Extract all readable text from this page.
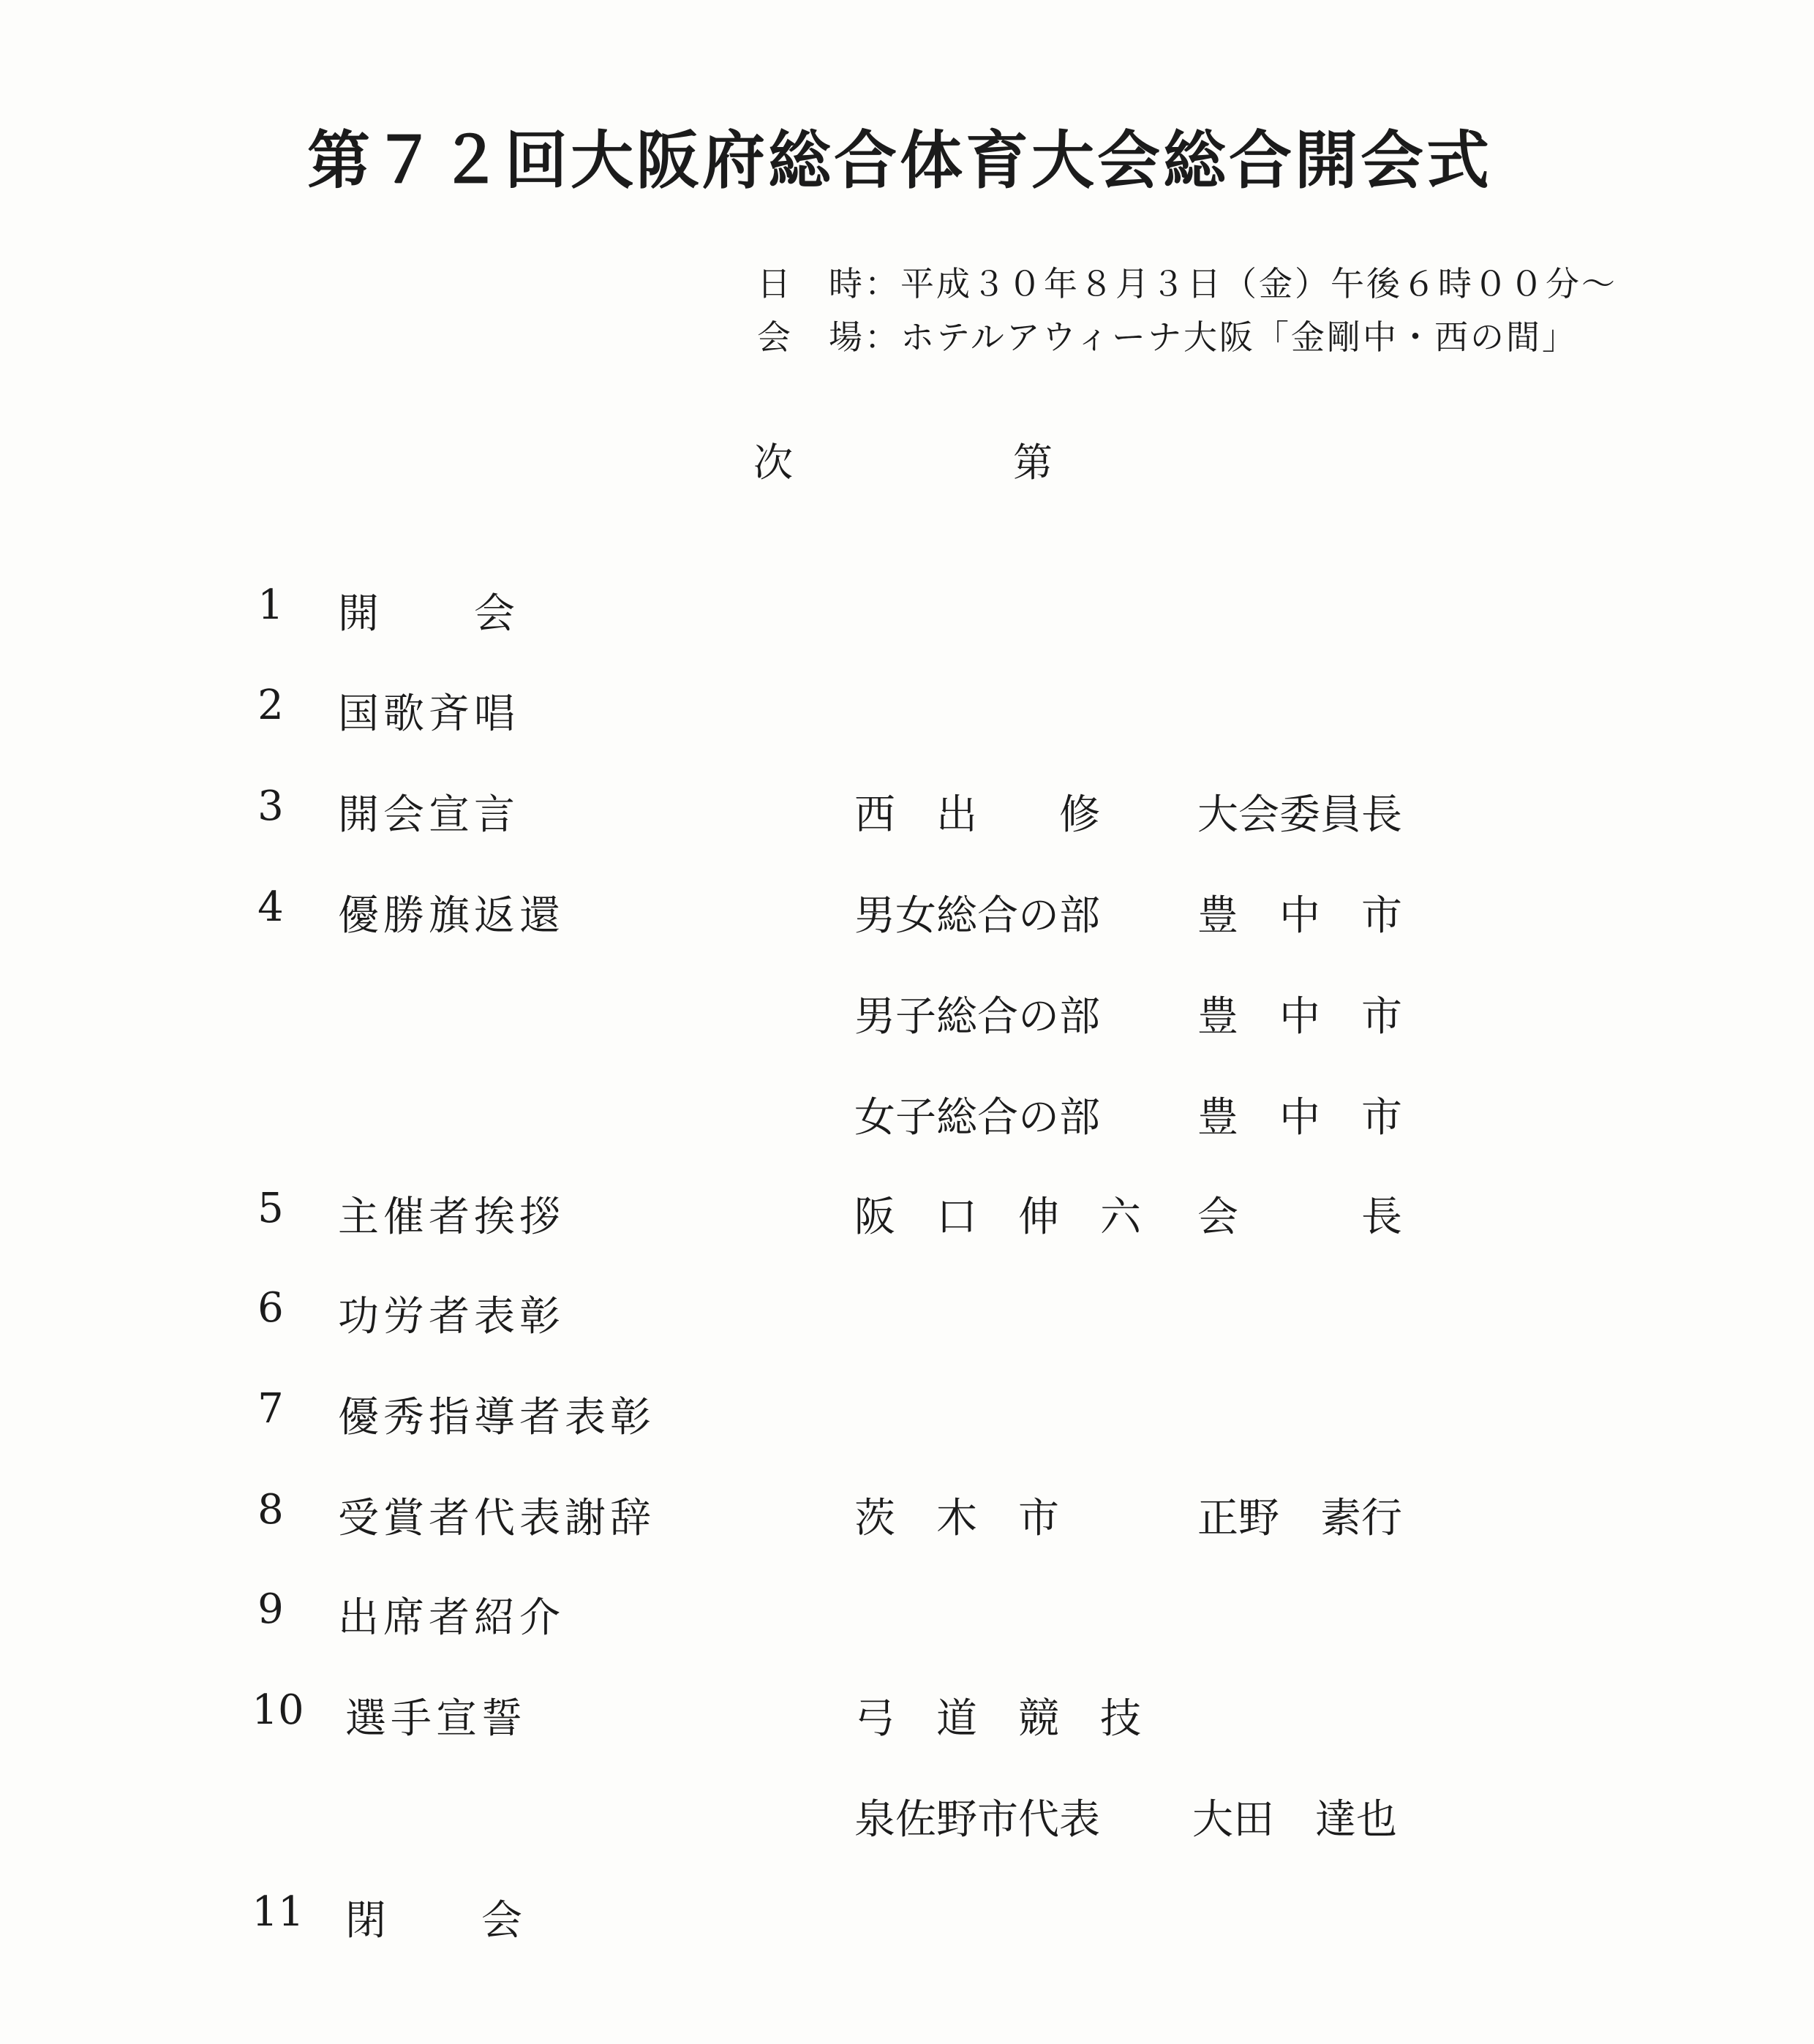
第７２回大阪府総合体育大会総合開会式
日　時：平成３０年８月３日（金）午後６時００分～
会　場：ホテルアウィーナ大阪「金剛中・西の間」
次	第
1	開　　会
2	国歌斉唱
3	開会宣言	西　出　　修 大会委員長
4	優勝旗返還	男女総合の部 豊　中　市
男子総合の部 豊　中　市
女子総合の部 豊　中　市
5	主催者挨拶	阪　口　伸　六 会　　　長
6	功労者表彰
7	優秀指導者表彰
8	受賞者代表謝辞	茨　木　市	正野　素行
9	出席者紹介
10 選手宣誓	弓　道　競　技
泉佐野市代表 大田　達也
11 閉　　会
